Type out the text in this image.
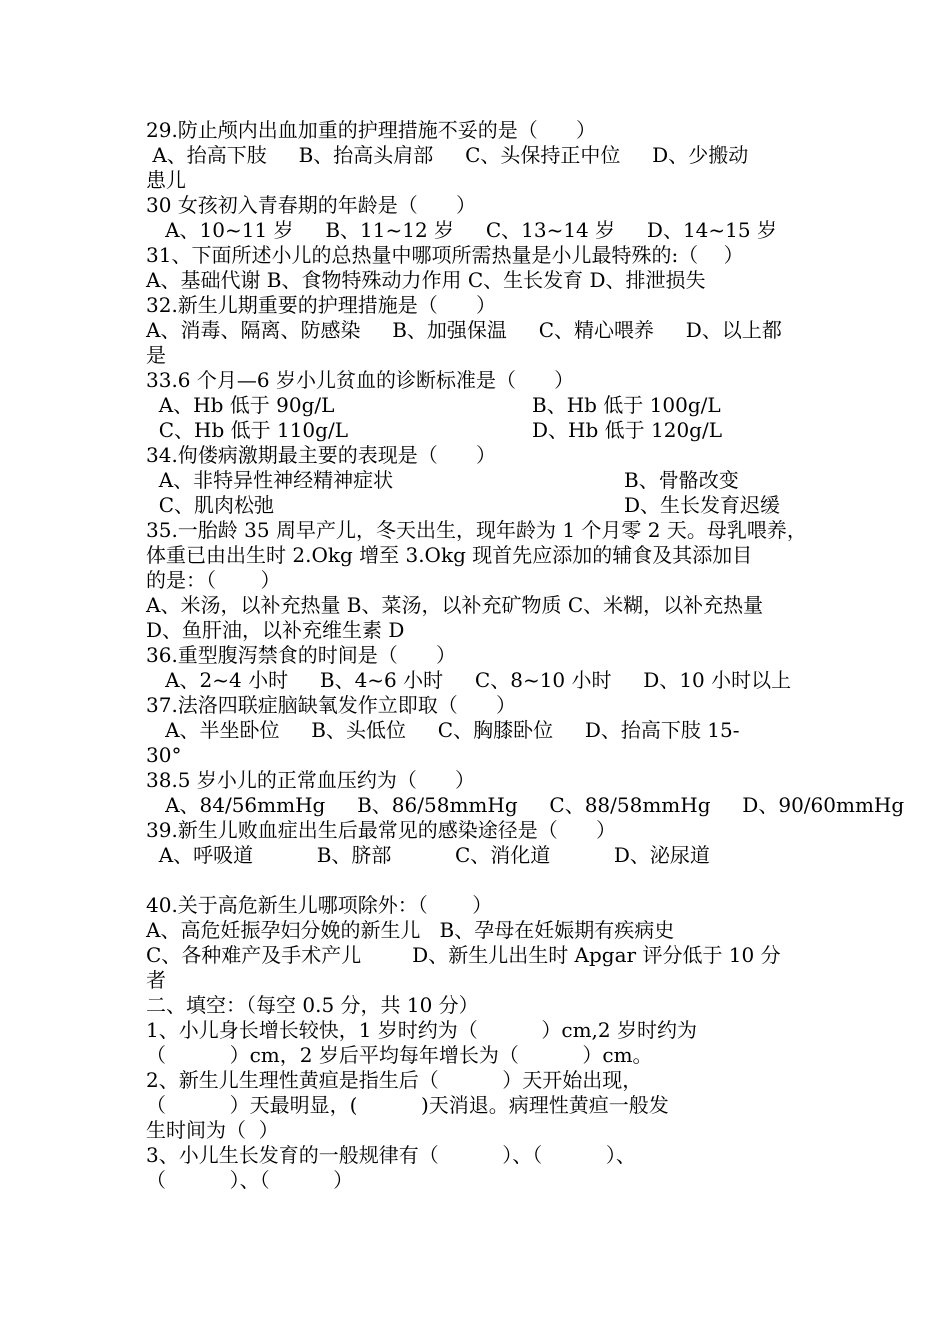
29.防止颅内出血加重的护理措施不妥的是（      ）
A、抬高下肢     B、抬高头肩部     C、头保持正中位     D、少搬动
患儿
30 女孩初入青春期的年龄是（      ）
A、10~11 岁     B、11~12 岁     C、13~14 岁     D、14~15 岁
31、下面所述小儿的总热量中哪项所需热量是小儿最特殊的:（    ）
A、基础代谢 B、食物特殊动力作用 C、生长发育 D、排泄损失
32.新生儿期重要的护理措施是（      ）
A、消毒、隔离、防感染     B、加强保温     C、精心喂养     D、以上都
是
33.6 个月—6 岁小儿贫血的诊断标准是（      ）
A、Hb 低于 90g/L	B、Hb 低于 100g/L
C、Hb 低于 110g/L	D、Hb 低于 120g/L
34.佝偻病激期最主要的表现是（      ）
A、非特异性神经精神症状	B、骨骼改变
C、肌肉松弛	D、生长发育迟缓
35.一胎龄 35 周早产儿，冬天出生，现年龄为 1 个月零 2 天。母乳喂养，
体重已由出生时 2.Okg 增至 3.Okg 现首先应添加的辅食及其添加目
的是：（       ）
A、米汤，以补充热量 B、菜汤，以补充矿物质 C、米糊，以补充热量
D、鱼肝油，以补充维生素 D
36.重型腹泻禁食的时间是（      ）
A、2~4 小时     B、4~6 小时     C、8~10 小时     D、10 小时以上
37.法洛四联症脑缺氧发作立即取（      ）
A、半坐卧位     B、头低位     C、胸膝卧位     D、抬高下肢 15-
30°
38.5 岁小儿的正常血压约为（      ）
A、84/56mmHg     B、86/58mmHg     C、88/58mmHg     D、90/60mmHg
39.新生儿败血症出生后最常见的感染途径是（      ）
A、呼吸道          B、脐部          C、消化道          D、泌尿道
40.关于高危新生儿哪项除外：（       ）
A、高危妊振孕妇分娩的新生儿   B、孕母在妊娠期有疾病史
C、各种难产及手术产儿        D、新生儿出生时 Apgar 评分低于 10 分
者
二、填空：（每空 0.5 分，共 10 分）
1、小儿身长增长较快，1 岁时约为（          ）cm,2 岁时约为
（          ）cm，2 岁后平均每年增长为（          ）cm。
2、新生儿生理性黄疸是指生后（          ）天开始出现，
（          ）天最明显，(          )天消退。病理性黄疸一般发
生时间为（  ）
3、小儿生长发育的一般规律有（          ）、（          ）、
（          ）、（          ）
